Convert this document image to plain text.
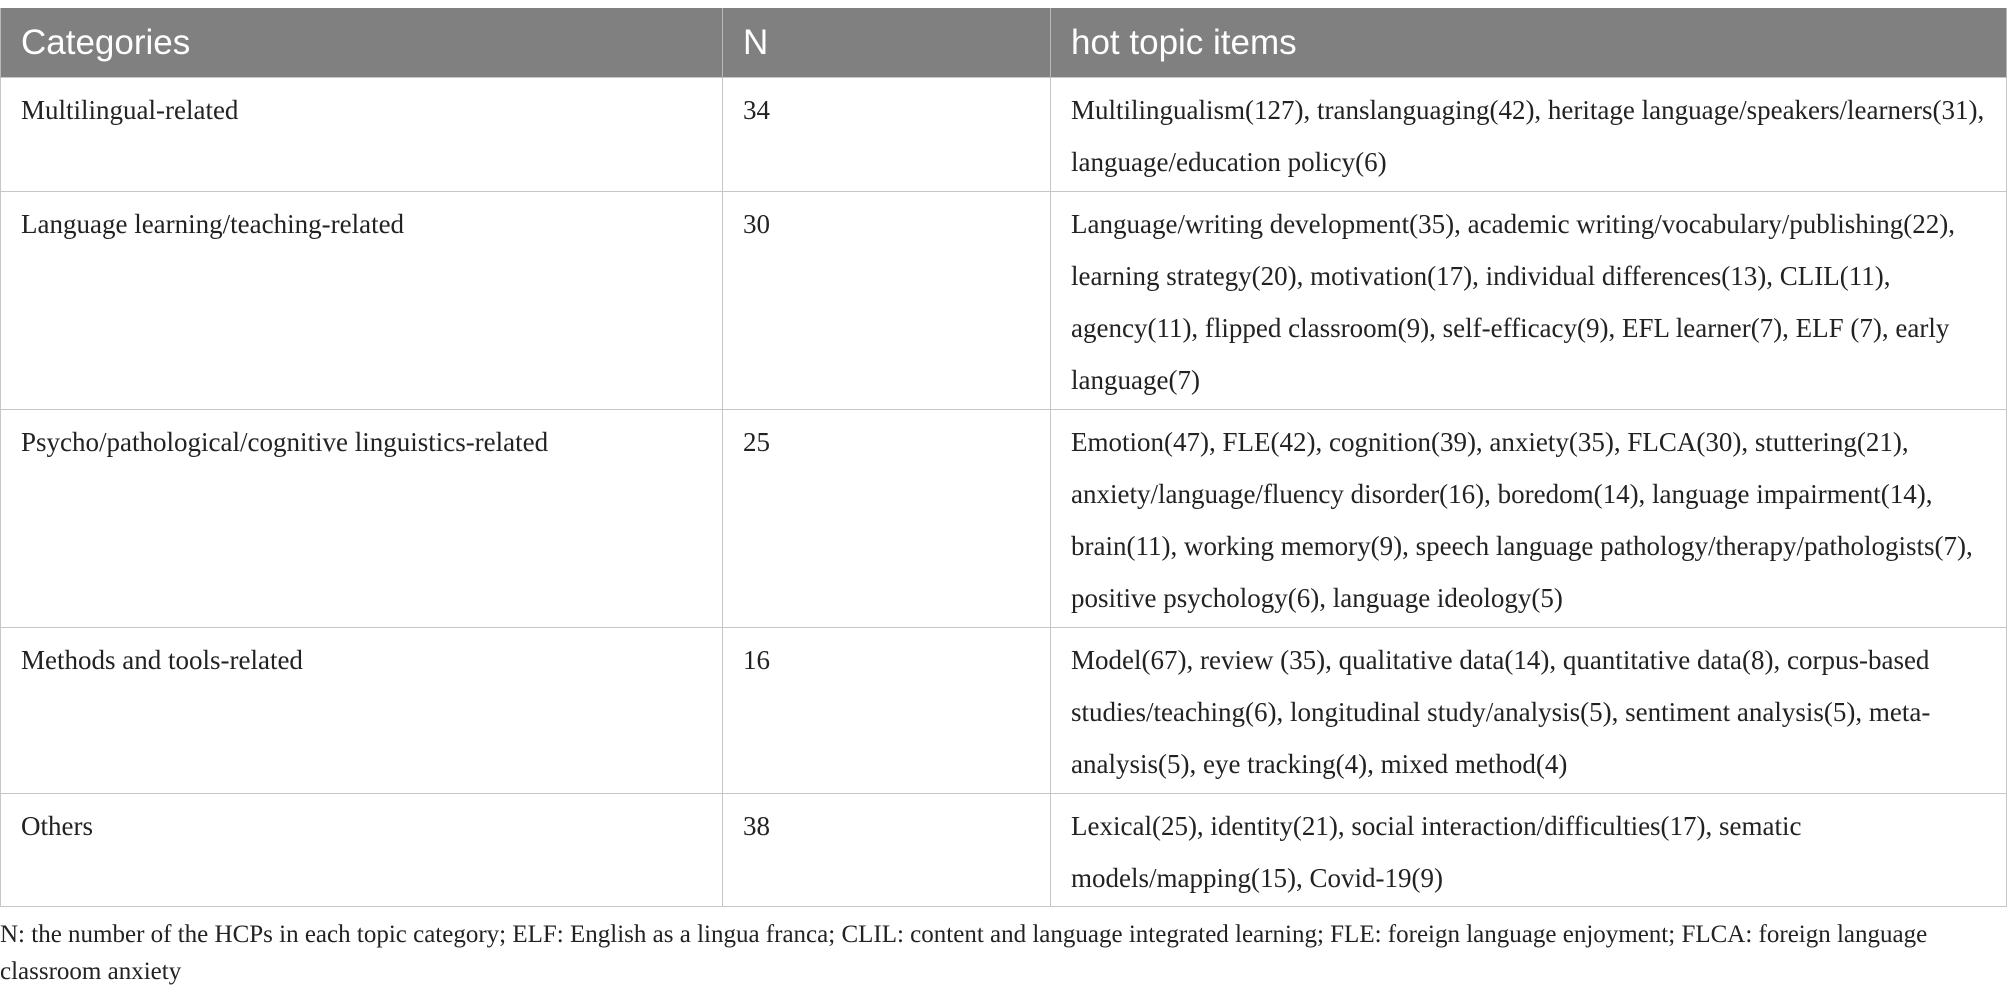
Categories	N	hot topic items
Multilingual-related	34	Multilingualism(127), translanguaging(42), heritage language/speakers/learners(31), language/education policy(6)
Language learning/teaching-related	30	Language/writing development(35), academic writing/vocabulary/publishing(22), learning strategy(20), motivation(17), individual differences(13), CLIL(11), agency(11), flipped classroom(9), self-efficacy(9), EFL learner(7), ELF (7), early language(7)
Psycho/pathological/cognitive linguistics-related	25	Emotion(47), FLE(42), cognition(39), anxiety(35), FLCA(30), stuttering(21), anxiety/language/fluency disorder(16), boredom(14), language impairment(14), brain(11), working memory(9), speech language pathology/therapy/pathologists(7), positive psychology(6), language ideology(5)
Methods and tools-related	16	Model(67), review (35), qualitative data(14), quantitative data(8), corpus-based studies/teaching(6), longitudinal study/analysis(5), sentiment analysis(5), meta-analysis(5), eye tracking(4), mixed method(4)
Others	38	Lexical(25), identity(21), social interaction/difficulties(17), sematic models/mapping(15), Covid-19(9)
N: the number of the HCPs in each topic category; ELF: English as a lingua franca; CLIL: content and language integrated learning; FLE: foreign language enjoyment; FLCA: foreign language classroom anxiety
